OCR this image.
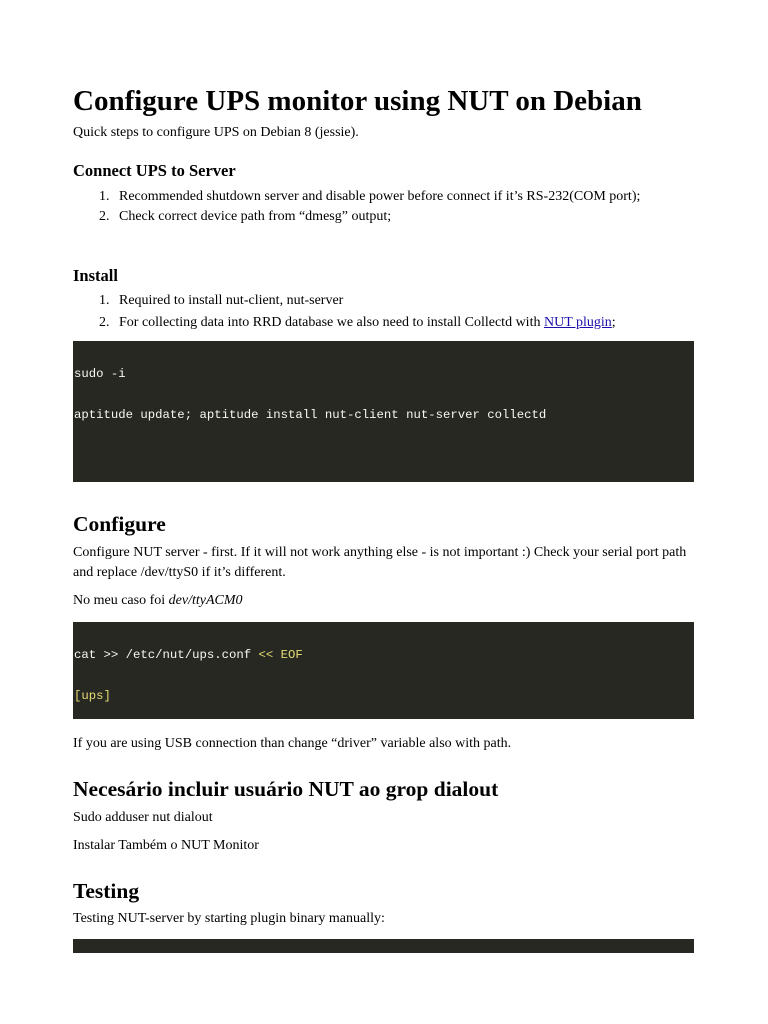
Configure UPS monitor using NUT on Debian

Quick steps to configure UPS on Debian 8 (jessie).

Connect UPS to Server
1. Recommended shutdown server and disable power before connect if it’s RS-232(COM port);
2. Check correct device path from “dmesg” output;
Install
1. Required to install nut-client, nut-server
2. For collecting data into RRD database we also need to install Collectd with NUT plugin;

sudo -i

aptitude update; aptitude install nut-client nut-server collectd

Configure

Configure NUT server - first. If it will not work anything else - is not important :) Check your serial port path and replace /dev/ttyS0 if it’s different.

No meu caso foi dev/ttyACM0

cat >> /etc/nut/ups.conf << EOF

[ups]

If you are using USB connection than change “driver” variable also with path.

Necesário incluir usuário NUT ao grop dialout

Sudo adduser nut dialout

Instalar Também o NUT Monitor

Testing

Testing NUT-server by starting plugin binary manually:
